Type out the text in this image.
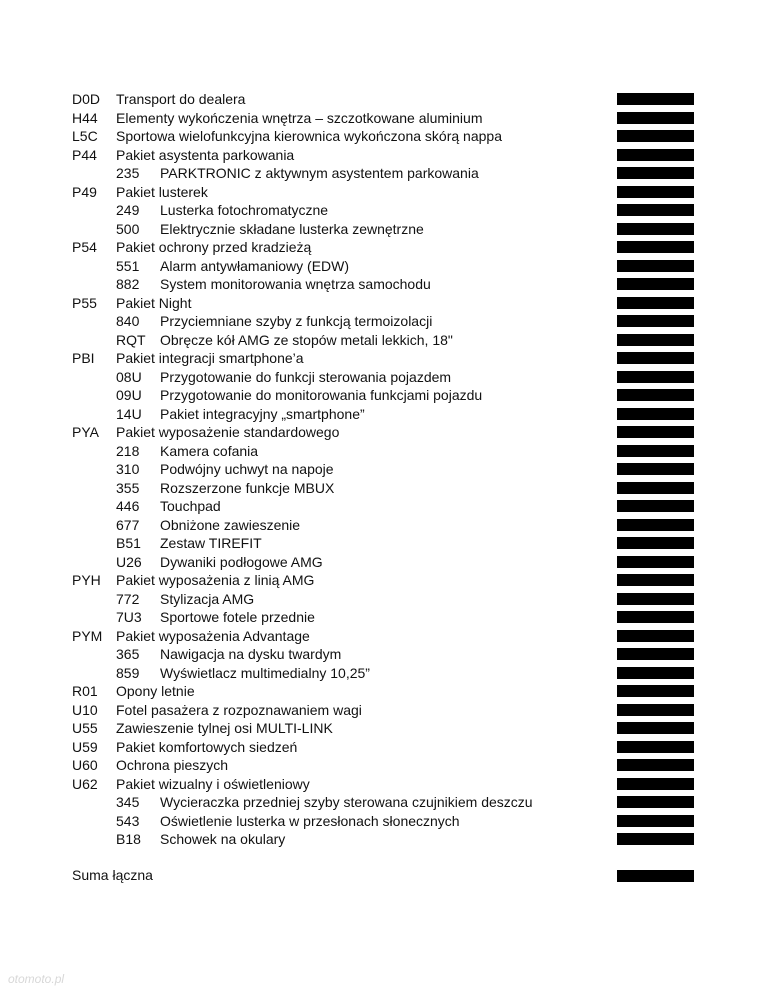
D0D Transport do dealera
H44 Elementy wykończenia wnętrza – szczotkowane aluminium
L5C Sportowa wielofunkcyjna kierownica wykończona skórą nappa
P44 Pakiet asystenta parkowania
235 PARKTRONIC z aktywnym asystentem parkowania
P49 Pakiet lusterek
249 Lusterka fotochromatyczne
500 Elektrycznie składane lusterka zewnętrzne
P54 Pakiet ochrony przed kradzieżą
551 Alarm antywłamaniowy (EDW)
882 System monitorowania wnętrza samochodu
P55 Pakiet Night
840 Przyciemniane szyby z funkcją termoizolacji
RQT Obręcze kół AMG ze stopów metali lekkich, 18"
PBI Pakiet integracji smartphone’a
08U Przygotowanie do funkcji sterowania pojazdem
09U Przygotowanie do monitorowania funkcjami pojazdu
14U Pakiet integracyjny „smartphone”
PYA Pakiet wyposażenie standardowego
218 Kamera cofania
310 Podwójny uchwyt na napoje
355 Rozszerzone funkcje MBUX
446 Touchpad
677 Obniżone zawieszenie
B51 Zestaw TIREFIT
U26 Dywaniki podłogowe AMG
PYH Pakiet wyposażenia z linią AMG
772 Stylizacja AMG
7U3 Sportowe fotele przednie
PYM Pakiet wyposażenia Advantage
365 Nawigacja na dysku twardym
859 Wyświetlacz multimedialny 10,25”
R01 Opony letnie
U10 Fotel pasażera z rozpoznawaniem wagi
U55 Zawieszenie tylnej osi MULTI-LINK
U59 Pakiet komfortowych siedzeń
U60 Ochrona pieszych
U62 Pakiet wizualny i oświetleniowy
345 Wycieraczka przedniej szyby sterowana czujnikiem deszczu
543 Oświetlenie lusterka w przesłonach słonecznych
B18 Schowek na okulary
Suma łączna
otomoto.pl
